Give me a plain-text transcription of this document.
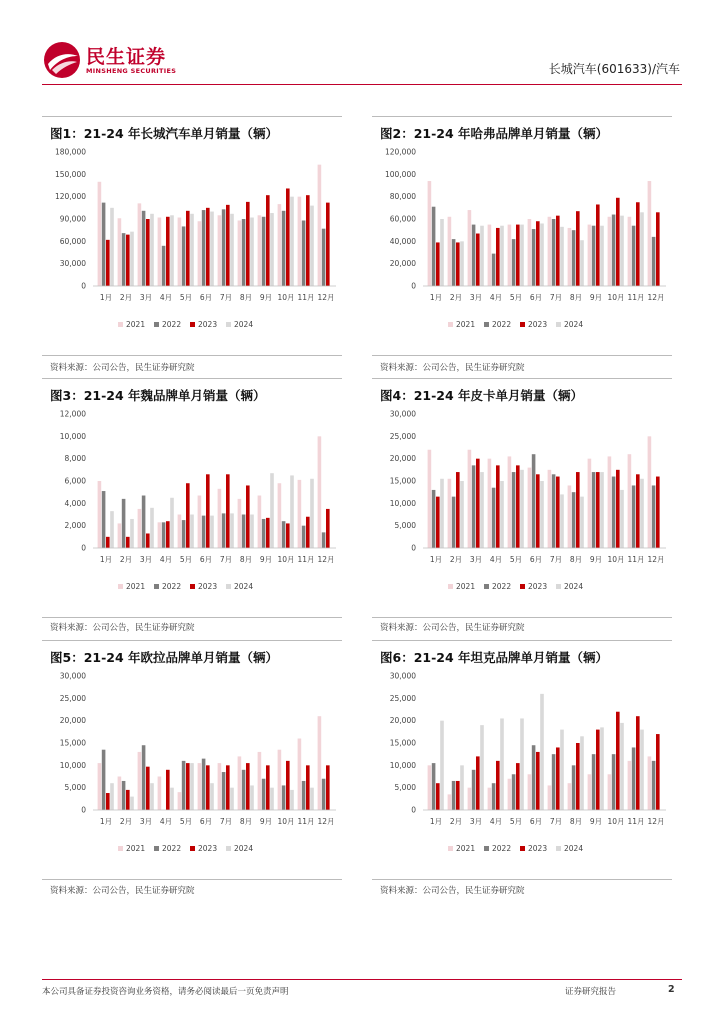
民生证券
MINSHENG SECURITIES	长城汽车(601633)/汽车
图1：21-24 年长城汽车单月销量（辆）
0
30,000
60,000
90,000
120,000
150,000
180,000
1月 2月 3月 4月 5月 6月 7月 8月 9月 10月 11月 12月
2021 2022 2023 2024
资料来源：公司公告，民生证券研究院
图2：21-24 年哈弗品牌单月销量（辆）
0
20,000
40,000
60,000
80,000
100,000
120,000
1月 2月 3月 4月 5月 6月 7月 8月 9月 10月 11月 12月
2021 2022 2023 2024
资料来源：公司公告，民生证券研究院
图3：21-24 年魏品牌单月销量（辆）
0
2,000
4,000
6,000
8,000
10,000
12,000
1月 2月 3月 4月 5月 6月 7月 8月 9月 10月 11月 12月
2021 2022 2023 2024
资料来源：公司公告，民生证券研究院
图4：21-24 年皮卡单月销量（辆）
0
5,000
10,000
15,000
20,000
25,000
30,000
1月 2月 3月 4月 5月 6月 7月 8月 9月 10月 11月 12月
2021 2022 2023 2024
资料来源：公司公告，民生证券研究院
图5：21-24 年欧拉品牌单月销量（辆）
0
5,000
10,000
15,000
20,000
25,000
30,000
1月 2月 3月 4月 5月 6月 7月 8月 9月 10月 11月 12月
2021 2022 2023 2024
资料来源：公司公告，民生证券研究院
图6：21-24 年坦克品牌单月销量（辆）
0
5,000
10,000
15,000
20,000
25,000
30,000
1月 2月 3月 4月 5月 6月 7月 8月 9月 10月 11月 12月
2021 2022 2023 2024
资料来源：公司公告，民生证券研究院
本公司具备证券投资咨询业务资格，请务必阅读最后一页免责声明	证券研究报告	2
